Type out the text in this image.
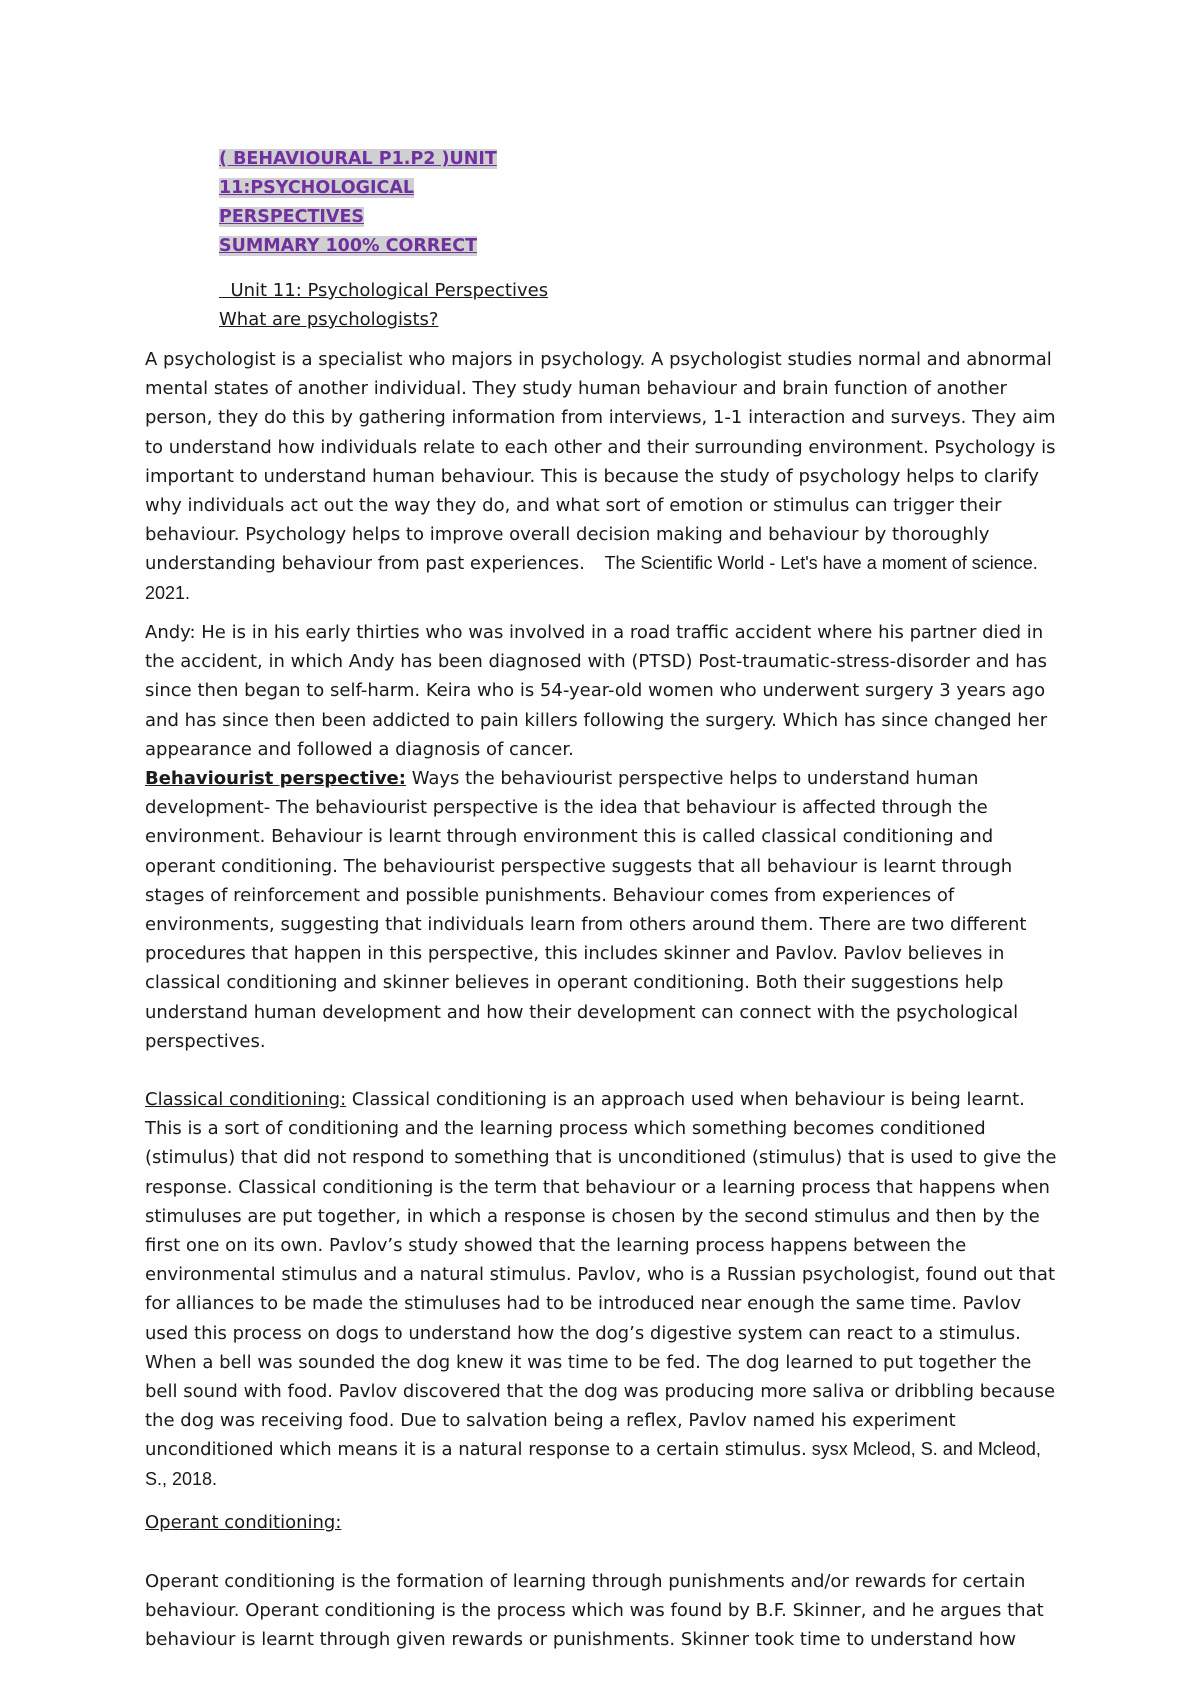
( BEHAVIOURAL P1.P2 )UNIT
11:PSYCHOLOGICAL PERSPECTIVES
SUMMARY 100% CORRECT
Unit 11: Psychological Perspectives
What are psychologists?

A psychologist is a specialist who majors in psychology. A psychologist studies normal and abnormal mental states of another individual. They study human behaviour and brain function of another person, they do this by gathering information from interviews, 1-1 interaction and surveys. They aim to understand how individuals relate to each other and their surrounding environment. Psychology is important to understand human behaviour. This is because the study of psychology helps to clarify why individuals act out the way they do, and what sort of emotion or stimulus can trigger their behaviour. Psychology helps to improve overall decision making and behaviour by thoroughly understanding behaviour from past experiences.    The Scientific World - Let's have a moment of science. 2021.

Andy: He is in his early thirties who was involved in a road traffic accident where his partner died in the accident, in which Andy has been diagnosed with (PTSD) Post-traumatic-stress-disorder and has since then began to self-harm. Keira who is 54-year-old women who underwent surgery 3 years ago and has since then been addicted to pain killers following the surgery. Which has since changed her appearance and followed a diagnosis of cancer.

Behaviourist perspective: Ways the behaviourist perspective helps to understand human development- The behaviourist perspective is the idea that behaviour is affected through the environment. Behaviour is learnt through environment this is called classical conditioning and operant conditioning. The behaviourist perspective suggests that all behaviour is learnt through stages of reinforcement and possible punishments. Behaviour comes from experiences of environments, suggesting that individuals learn from others around them. There are two different procedures that happen in this perspective, this includes skinner and Pavlov. Pavlov believes in classical conditioning and skinner believes in operant conditioning. Both their suggestions help understand human development and how their development can connect with the psychological perspectives.

Classical conditioning: Classical conditioning is an approach used when behaviour is being learnt. This is a sort of conditioning and the learning process which something becomes conditioned (stimulus) that did not respond to something that is unconditioned (stimulus) that is used to give the response. Classical conditioning is the term that behaviour or a learning process that happens when stimuluses are put together, in which a response is chosen by the second stimulus and then by the first one on its own. Pavlov’s study showed that the learning process happens between the environmental stimulus and a natural stimulus. Pavlov, who is a Russian psychologist, found out that for alliances to be made the stimuluses had to be introduced near enough the same time. Pavlov used this process on dogs to understand how the dog’s digestive system can react to a stimulus. When a bell was sounded the dog knew it was time to be fed. The dog learned to put together the bell sound with food. Pavlov discovered that the dog was producing more saliva or dribbling because the dog was receiving food. Due to salvation being a reflex, Pavlov named his experiment unconditioned which means it is a natural response to a certain stimulus. sysx Mcleod, S. and Mcleod, S., 2018.

Operant conditioning:

Operant conditioning is the formation of learning through punishments and/or rewards for certain behaviour. Operant conditioning is the process which was found by B.F. Skinner, and he argues that behaviour is learnt through given rewards or punishments. Skinner took time to understand how
